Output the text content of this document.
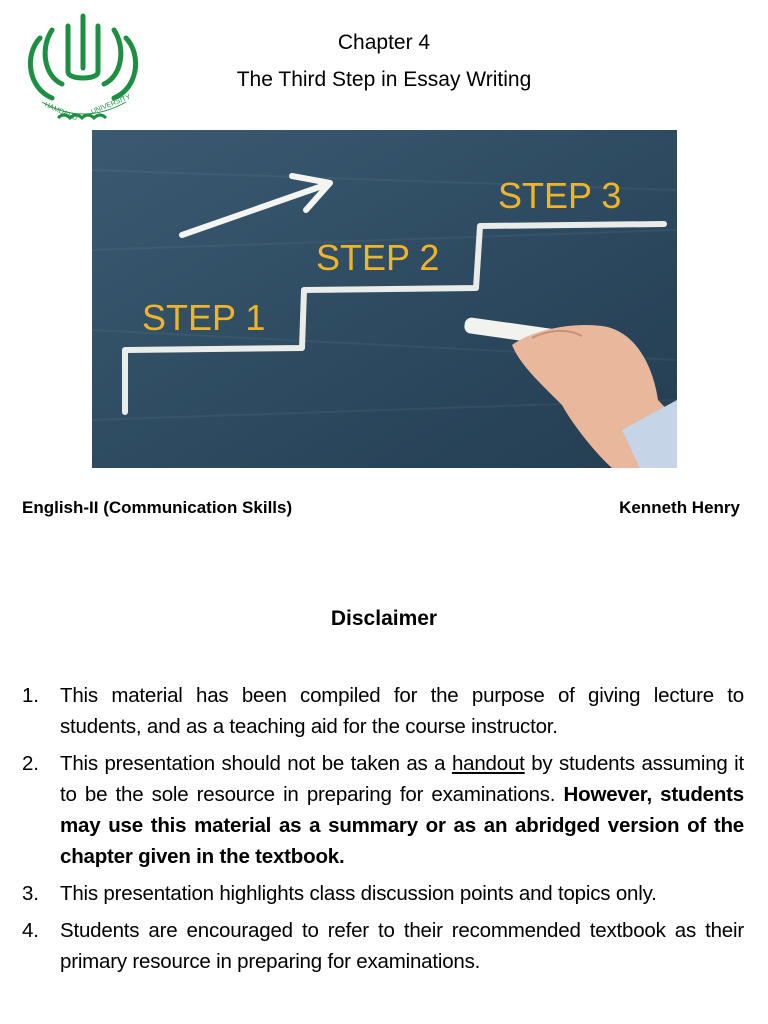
HAMDARD UNIVERSITY
Chapter 4
The Third Step in Essay Writing
STEP 1
STEP 2
STEP 3
English-II (Communication Skills)	Kenneth Henry
Disclaimer
1.	This material has been compiled for the purpose of giving lecture to students, and as a teaching aid for the course instructor.
2.	This presentation should not be taken as a handout by students assuming it to be the sole resource in preparing for examinations. However, students may use this material as a summary or as an abridged version of the chapter given in the textbook.
3.	This presentation highlights class discussion points and topics only.
4.	Students are encouraged to refer to their recommended textbook as their primary resource in preparing for examinations.
